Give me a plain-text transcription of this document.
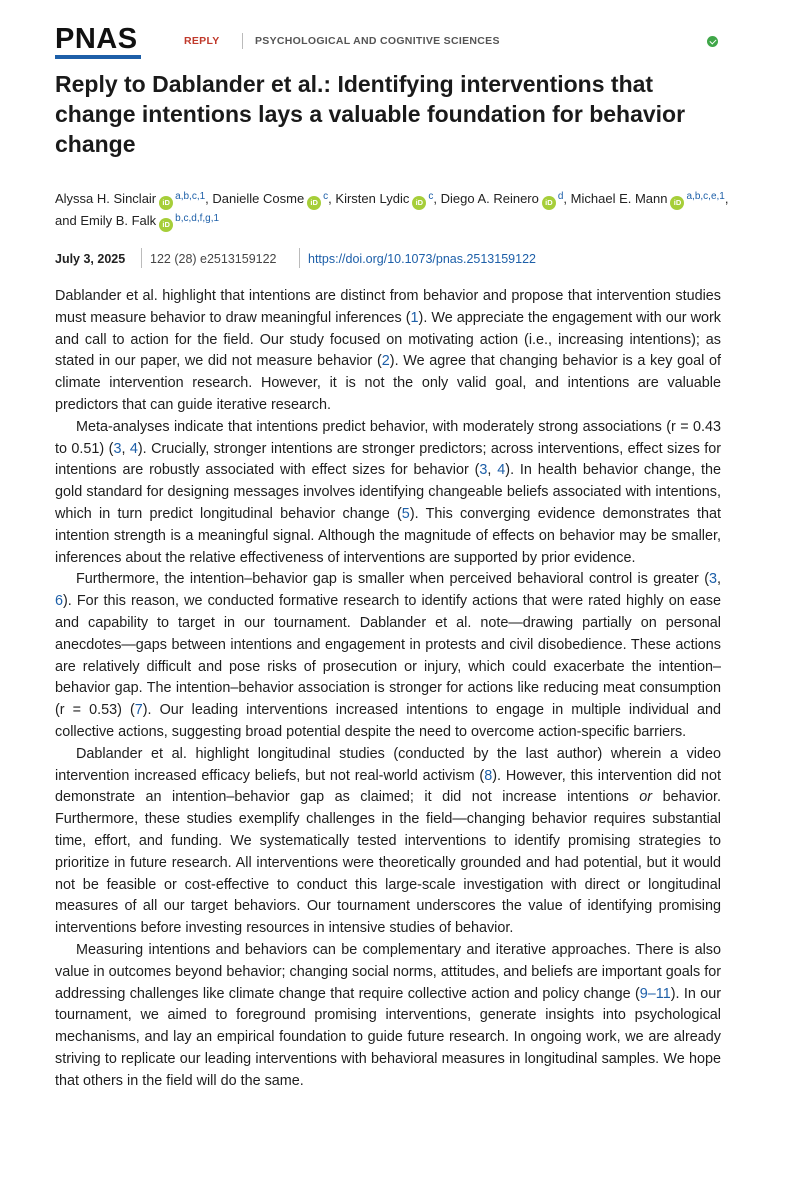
PNAS	REPLY	PSYCHOLOGICAL AND COGNITIVE SCIENCES
Reply to Dablander et al.: Identifying interventions that change intentions lays a valuable foundation for behavior change
Alyssa H. Sinclair iD$^{a,b,c,1}$, Danielle Cosme iD$^c$, Kirsten Lydic iD$^c$, Diego A. Reinero iD$^d$, Michael E. Mann iD$^{a,b,c,e,1}$, and Emily B. Falk iD$^{b,c,d,f,g,1}$
July 3, 2025 122 (28) e2513159122	https://doi.org/10.1073/pnas.2513159122

Dablander et al. highlight that intentions are distinct from behavior and propose that intervention studies must measure behavior to draw meaningful inferences (1). We appreciate the engagement with our work and call to action for the field. Our study focused on motivating action (i.e., increasing intentions); as stated in our paper, we did not measure behavior (2). We agree that changing behavior is a key goal of climate intervention research. However, it is not the only valid goal, and intentions are valuable predictors that can guide iterative research.

Meta-analyses indicate that intentions predict behavior, with moderately strong associations (r = 0.43 to 0.51) (3, 4). Crucially, stronger intentions are stronger predictors; across interventions, effect sizes for intentions are robustly associated with effect sizes for behavior (3, 4). In health behavior change, the gold standard for designing messages involves identifying changeable beliefs associated with intentions, which in turn predict longitudinal behavior change (5). This converging evidence demonstrates that intention strength is a meaningful signal. Although the magnitude of effects on behavior may be smaller, inferences about the relative effectiveness of interventions are supported by prior evidence.

Furthermore, the intention–behavior gap is smaller when perceived behavioral control is greater (3, 6). For this reason, we conducted formative research to identify actions that were rated highly on ease and capability to target in our tournament. Dablander et al. note—drawing partially on personal anecdotes—gaps between intentions and engagement in protests and civil disobedience. These actions are relatively difficult and pose risks of prosecution or injury, which could exacerbate the intention–behavior gap. The intention–behavior association is stronger for actions like reducing meat consumption (r = 0.53) (7). Our leading interventions increased intentions to engage in multiple individual and collective actions, suggesting broad potential despite the need to overcome action-specific barriers.

Dablander et al. highlight longitudinal studies (conducted by the last author) wherein a video intervention increased efficacy beliefs, but not real-world activism (8). However, this intervention did not demonstrate an intention–behavior gap as claimed; it did not increase intentions or behavior. Furthermore, these studies exemplify challenges in the field—changing behavior requires substantial time, effort, and funding. We systematically tested interventions to identify promising strategies to prioritize in future research. All interventions were theoretically grounded and had potential, but it would not be feasible or cost-effective to conduct this large-scale investigation with direct or longitudinal measures of all our target behaviors. Our tournament underscores the value of identifying promising interventions before investing resources in intensive studies of behavior.

Measuring intentions and behaviors can be complementary and iterative approaches. There is also value in outcomes beyond behavior; changing social norms, attitudes, and beliefs are important goals for addressing challenges like climate change that require collective action and policy change (9–11). In our tournament, we aimed to foreground promising interventions, generate insights into psychological mechanisms, and lay an empirical foundation to guide future research. In ongoing work, we are already striving to replicate our leading interventions with behavioral measures in longitudinal samples. We hope that others in the field will do the same.
